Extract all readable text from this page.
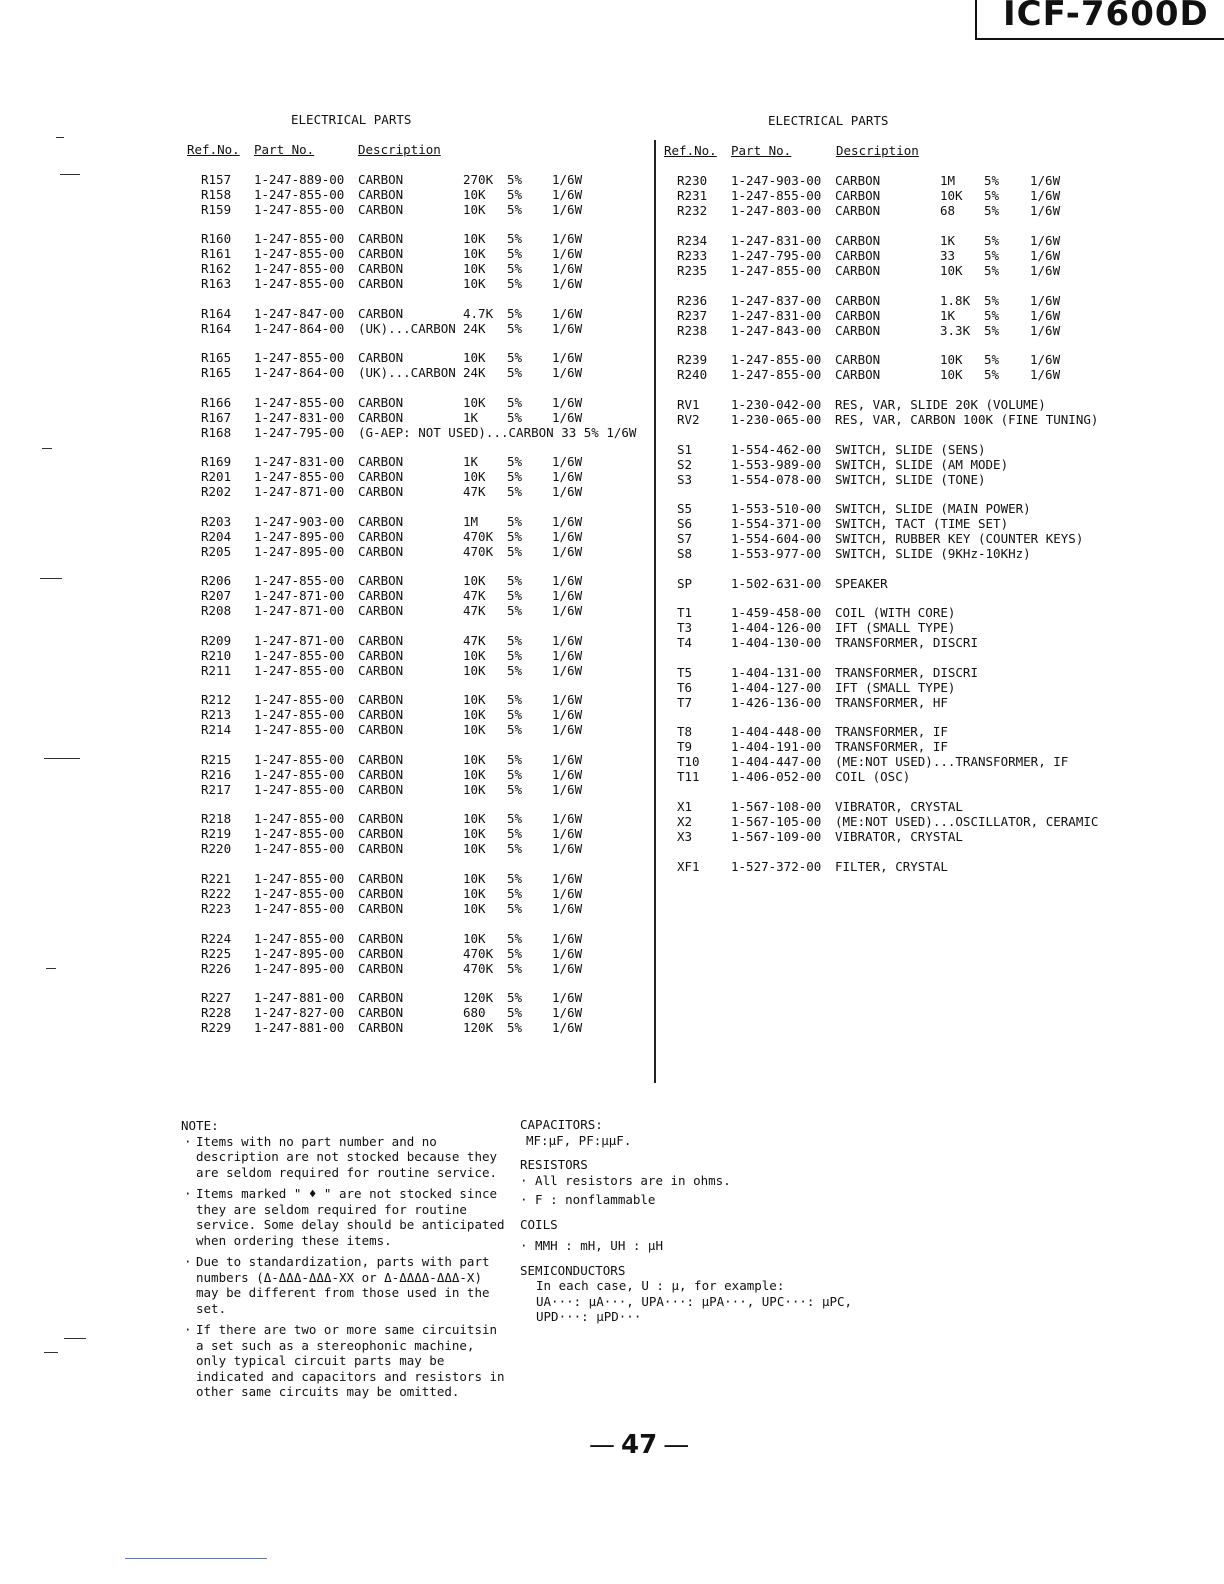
ICF-7600D
ELECTRICAL PARTS
Ref.No. Part No.	Description
R157 1-247-889-00 CARBON	270K 5% 1/6W
R158 1-247-855-00 CARBON	10K 5% 1/6W
R159 1-247-855-00 CARBON	10K 5% 1/6W
R160 1-247-855-00 CARBON	10K 5% 1/6W
R161 1-247-855-00 CARBON	10K 5% 1/6W
R162 1-247-855-00 CARBON	10K 5% 1/6W
R163 1-247-855-00 CARBON	10K 5% 1/6W
R164 1-247-847-00 CARBON	4.7K 5% 1/6W
R164 1-247-864-00 (UK)...CARBON 24K 5% 1/6W
R165 1-247-855-00 CARBON	10K 5% 1/6W
R165 1-247-864-00 (UK)...CARBON 24K 5% 1/6W
R166 1-247-855-00 CARBON	10K 5% 1/6W
R167 1-247-831-00 CARBON	1K 5% 1/6W
R168 1-247-795-00 (G-AEP: NOT USED)...CARBON 33 5% 1/6W
R169 1-247-831-00 CARBON	1K 5% 1/6W
R201 1-247-855-00 CARBON	10K 5% 1/6W
R202 1-247-871-00 CARBON	47K 5% 1/6W
R203 1-247-903-00 CARBON	1M 5% 1/6W
R204 1-247-895-00 CARBON	470K 5% 1/6W
R205 1-247-895-00 CARBON	470K 5% 1/6W
R206 1-247-855-00 CARBON	10K 5% 1/6W
R207 1-247-871-00 CARBON	47K 5% 1/6W
R208 1-247-871-00 CARBON	47K 5% 1/6W
R209 1-247-871-00 CARBON	47K 5% 1/6W
R210 1-247-855-00 CARBON	10K 5% 1/6W
R211 1-247-855-00 CARBON	10K 5% 1/6W
R212 1-247-855-00 CARBON	10K 5% 1/6W
R213 1-247-855-00 CARBON	10K 5% 1/6W
R214 1-247-855-00 CARBON	10K 5% 1/6W
R215 1-247-855-00 CARBON	10K 5% 1/6W
R216 1-247-855-00 CARBON	10K 5% 1/6W
R217 1-247-855-00 CARBON	10K 5% 1/6W
R218 1-247-855-00 CARBON	10K 5% 1/6W
R219 1-247-855-00 CARBON	10K 5% 1/6W
R220 1-247-855-00 CARBON	10K 5% 1/6W
R221 1-247-855-00 CARBON	10K 5% 1/6W
R222 1-247-855-00 CARBON	10K 5% 1/6W
R223 1-247-855-00 CARBON	10K 5% 1/6W
R224 1-247-855-00 CARBON	10K 5% 1/6W
R225 1-247-895-00 CARBON	470K 5% 1/6W
R226 1-247-895-00 CARBON	470K 5% 1/6W
R227 1-247-881-00 CARBON	120K 5% 1/6W
R228 1-247-827-00 CARBON	680 5% 1/6W
R229 1-247-881-00 CARBON	120K 5% 1/6W
ELECTRICAL PARTS
Ref.No. Part No.	Description
R230 1-247-903-00 CARBON	1M 5% 1/6W
R231 1-247-855-00 CARBON	10K 5% 1/6W
R232 1-247-803-00 CARBON	68 5% 1/6W
R234 1-247-831-00 CARBON	1K 5% 1/6W
R233 1-247-795-00 CARBON	33 5% 1/6W
R235 1-247-855-00 CARBON	10K 5% 1/6W
R236 1-247-837-00 CARBON	1.8K 5% 1/6W
R237 1-247-831-00 CARBON	1K 5% 1/6W
R238 1-247-843-00 CARBON	3.3K 5% 1/6W
R239 1-247-855-00 CARBON	10K 5% 1/6W
R240 1-247-855-00 CARBON	10K 5% 1/6W
RV1	1-230-042-00 RES, VAR, SLIDE 20K (VOLUME)
RV2	1-230-065-00 RES, VAR, CARBON 100K (FINE TUNING)
S1	1-554-462-00 SWITCH, SLIDE (SENS)
S2	1-553-989-00 SWITCH, SLIDE (AM MODE)
S3	1-554-078-00 SWITCH, SLIDE (TONE)
S5	1-553-510-00 SWITCH, SLIDE (MAIN POWER)
S6	1-554-371-00 SWITCH, TACT (TIME SET)
S7	1-554-604-00 SWITCH, RUBBER KEY (COUNTER KEYS)
S8	1-553-977-00 SWITCH, SLIDE (9KHz-10KHz)
SP	1-502-631-00 SPEAKER
T1	1-459-458-00 COIL (WITH CORE)
T3	1-404-126-00 IFT (SMALL TYPE)
T4	1-404-130-00 TRANSFORMER, DISCRI
T5	1-404-131-00 TRANSFORMER, DISCRI
T6	1-404-127-00 IFT (SMALL TYPE)
T7	1-426-136-00 TRANSFORMER, HF
T8	1-404-448-00 TRANSFORMER, IF
T9	1-404-191-00 TRANSFORMER, IF
T10	1-404-447-00 (ME:NOT USED)...TRANSFORMER, IF
T11	1-406-052-00 COIL (OSC)
X1	1-567-108-00 VIBRATOR, CRYSTAL
X2	1-567-105-00 (ME:NOT USED)...OSCILLATOR, CERAMIC
X3	1-567-109-00 VIBRATOR, CRYSTAL
XF1	1-527-372-00 FILTER, CRYSTAL
NOTE:
· Items with no part number and no description are not stocked because they are seldom required for routine service.
· Items marked " ♦ " are not stocked since they are seldom required for routine service. Some delay should be anticipated when ordering these items.
· Due to standardization, parts with part numbers (Δ-ΔΔΔ-ΔΔΔ-XX or Δ-ΔΔΔΔ-ΔΔΔ-X) may be different from those used in the set.
· If there are two or more same circuitsin a set such as a stereophonic machine, only typical circuit parts may be indicated and capacitors and resistors in other same circuits may be omitted.
CAPACITORS:
MF:µF, PF:µµF.
RESISTORS
· All resistors are in ohms.
· F : nonflammable
COILS
· MMH : mH, UH : µH
SEMICONDUCTORS
In each case, U : µ, for example:
UA···: µA···, UPA···: µPA···, UPC···: µPC,
UPD···: µPD···
— 47 —
